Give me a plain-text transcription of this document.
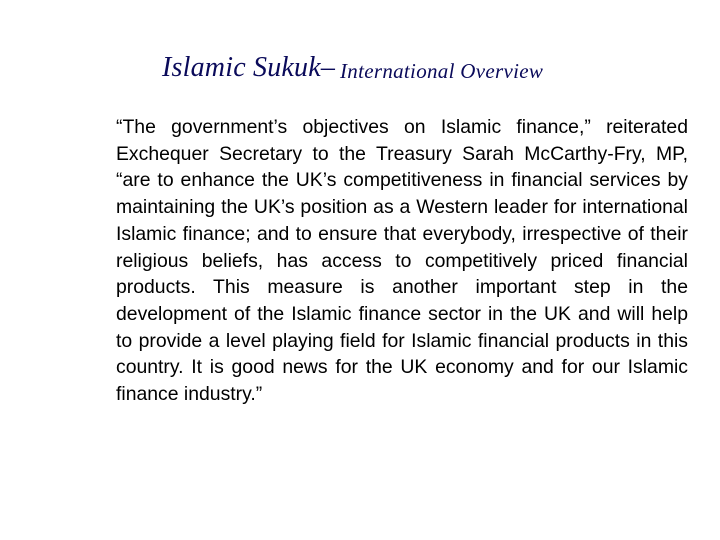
Islamic Sukuk– International Overview

“The government’s objectives on Islamic finance,” reiterated Exchequer Secretary to the Treasury Sarah McCarthy-Fry, MP, “are to enhance the UK’s competitiveness in financial services by maintaining the UK’s position as a Western leader for international Islamic finance; and to ensure that everybody, irrespective of their religious beliefs, has access to competitively priced financial products. This measure is another important step in the development of the Islamic finance sector in the UK and will help to provide a level playing field for Islamic financial products in this country. It is good news for the UK economy and for our Islamic finance industry.”
